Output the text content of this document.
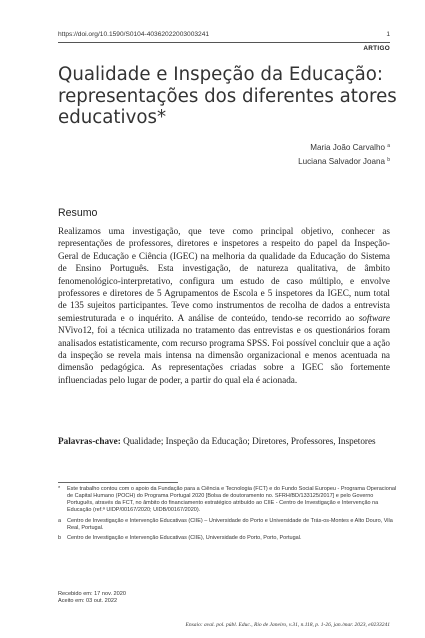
https://doi.org/10.1590/S0104-40362022003003241	1
ARTIGO
Qualidade e Inspeção da Educação: representações dos diferentes atores educativos*
Maria João Carvalho $^a$
Luciana Salvador Joana $^b$
Resumo

Realizamos uma investigação, que teve como principal objetivo, conhecer as representações de professores, diretores e inspetores a respeito do papel da Inspeção-Geral de Educação e Ciência (IGEC) na melhoria da qualidade da Educação do Sistema de Ensino Português. Esta investigação, de natureza qualitativa, de âmbito fenomenológico-interpretativo, configura um estudo de caso múltiplo, e envolve professores e diretores de 5 Agrupamentos de Escola e 5 inspetores da IGEC, num total de 135 sujeitos participantes. Teve como instrumentos de recolha de dados a entrevista semiestruturada e o inquérito. A análise de conteúdo, tendo-se recorrido ao software NVivo12, foi a técnica utilizada no tratamento das entrevistas e os questionários foram analisados estatisticamente, com recurso programa SPSS. Foi possível concluir que a ação da inspeção se revela mais intensa na dimensão organizacional e menos acentuada na dimensão pedagógica. As representações criadas sobre a IGEC são fortemente influenciadas pelo lugar de poder, a partir do qual ela é acionada.

Palavras-chave: Qualidade; Inspeção da Educação; Diretores, Professores, Inspetores

*	Este trabalho contou com o apoio da Fundação para a Ciência e Tecnologia (FCT) e do Fundo Social Europeu - Programa Operacional de Capital Humano (POCH) do Programa Portugal 2020 [Bolsa de doutoramento no. SFRH/BD/133125/2017] e pelo Governo Português, através da FCT, no âmbito do financiamento estratégico atribuído ao CIIE - Centro de Investigação e Intervenção na Educação (ref.ª UIDP/00167/2020; UIDB/00167/2020).
a	Centro de Investigação e Intervenção Educativas (CIIE) – Universidade do Porto e Universidade de Trás-os-Montes e Alto Douro, Vila Real, Portugal.
b	Centro de Investigação e Intervenção Educativas (CIIE), Universidade do Porto, Porto, Portugal.
Recebido em: 17 nov. 2020
Aceito em: 03 out. 2022
Ensaio: aval. pol. públ. Educ., Rio de Janeiro, v.31, n.118, p. 1-26, jan./mar. 2023, e0233241
